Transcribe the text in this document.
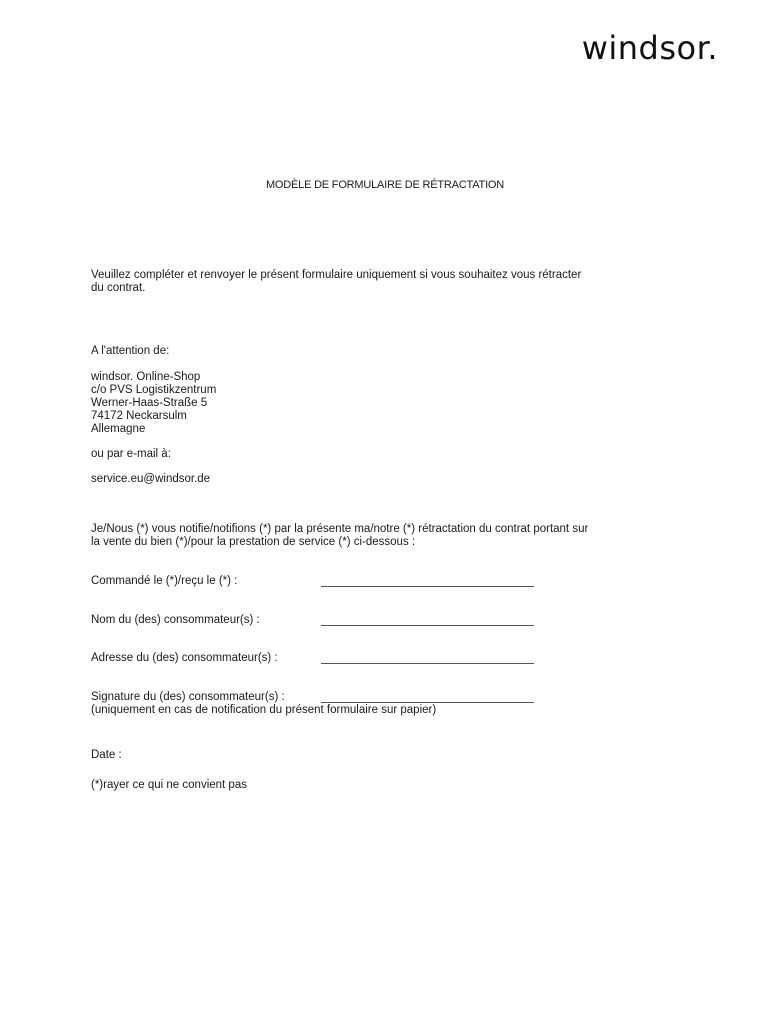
windsor.
MODÈLE DE FORMULAIRE DE RÉTRACTATION
Veuillez compléter et renvoyer le présent formulaire uniquement si vous souhaitez vous rétracter
du contrat.
A l'attention de:
windsor. Online-Shop
c/o PVS Logistikzentrum
Werner-Haas-Straße 5
74172 Neckarsulm
Allemagne
ou par e-mail à:
service.eu@windsor.de
Je/Nous (*) vous notifie/notifions (*) par la présente ma/notre (*) rétractation du contrat portant sur
la vente du bien (*)/pour la prestation de service (*) ci-dessous :
Commandé le (*)/reçu le (*) :
Nom du (des) consommateur(s) :
Adresse du (des) consommateur(s) :
Signature du (des) consommateur(s) :
(uniquement en cas de notification du présent formulaire sur papier)
Date :
(*)rayer ce qui ne convient pas
